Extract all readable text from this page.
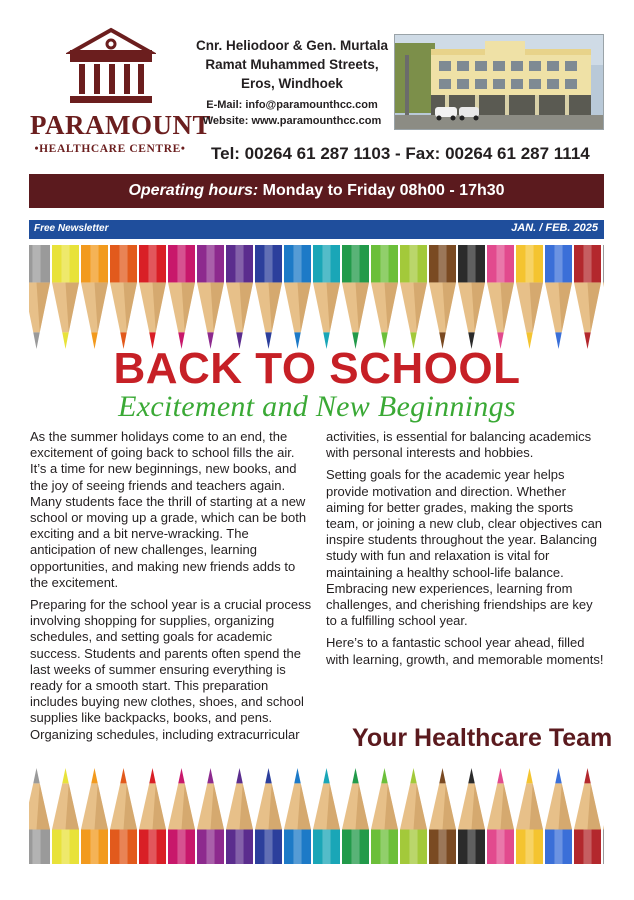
PARAMOUNT
•HEALTHCARE CENTRE•
Cnr. Heliodoor & Gen. Murtala
Ramat Muhammed Streets,
Eros, Windhoek
E-Mail: info@paramounthcc.com
Website: www.paramounthcc.com
Tel: 00264 61 287 1103 - Fax: 00264 61 287 1114
Operating hours: Monday to Friday 08h00 - 17h30
Free Newsletter	JAN. / FEB. 2025
BACK TO SCHOOL
Excitement and New Beginnings

As the summer holidays come to an end, the excitement of going back to school fills the air. It’s a time for new beginnings, new books, and the joy of seeing friends and teachers again. Many students face the thrill of starting at a new school or moving up a grade, which can be both exciting and a bit nerve-wracking. The anticipation of new challenges, learning opportunities, and making new friends adds to the excitement.

Preparing for the school year is a crucial process involving shopping for supplies, organizing schedules, and setting goals for academic success. Students and parents often spend the last weeks of summer ensuring everything is ready for a smooth start. This preparation includes buying new clothes, shoes, and school supplies like backpacks, books, and pens. Organizing schedules, including extracurricular

activities, is essential for balancing academics with personal interests and hobbies.

Setting goals for the academic year helps provide motivation and direction. Whether aiming for better grades, making the sports team, or joining a new club, clear objectives can inspire students throughout the year. Balancing study with fun and relaxation is vital for maintaining a healthy school-life balance. Embracing new experiences, learning from challenges, and cherishing friendships are key to a fulfilling school year.

Here’s to a fantastic school year ahead, filled with learning, growth, and memorable moments!

Your Healthcare Team
